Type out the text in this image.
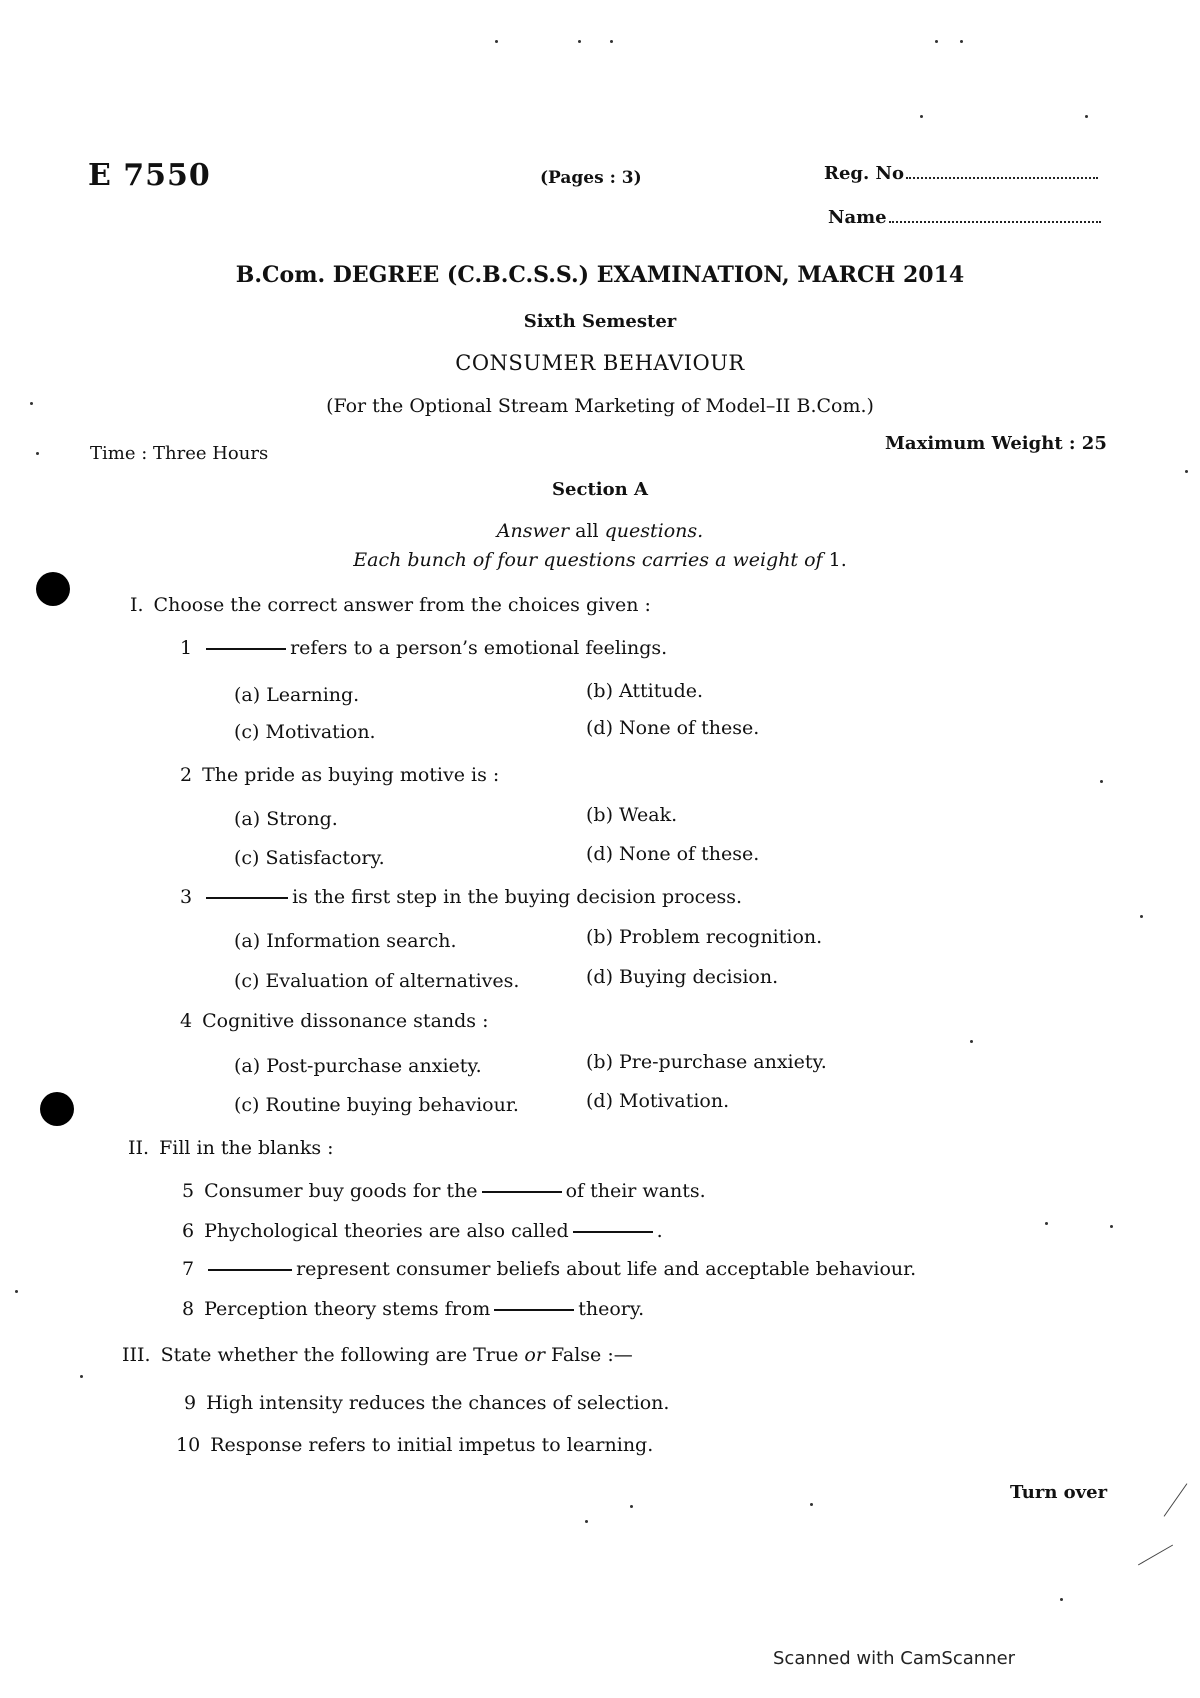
E 7550	(Pages : 3)	Reg. No
Name
B.Com. DEGREE (C.B.C.S.S.) EXAMINATION, MARCH 2014
Sixth Semester
CONSUMER BEHAVIOUR
(For the Optional Stream Marketing of Model–II B.Com.)
Time : Three Hours	Maximum Weight : 25
Section A
Answer all questions.
Each bunch of four questions carries a weight of 1.
I. Choose the correct answer from the choices given :
1	refers to a person’s emotional feelings.
(a) Learning.	(b) Attitude.
(c) Motivation.	(d) None of these.
2 The pride as buying motive is :
(a) Strong.	(b) Weak.
(c) Satisfactory.	(d) None of these.
3	is the first step in the buying decision process.
(a) Information search.	(b) Problem recognition.
(c) Evaluation of alternatives.	(d) Buying decision.
4 Cognitive dissonance stands :
(a) Post-purchase anxiety.	(b) Pre-purchase anxiety.
(c) Routine buying behaviour.	(d) Motivation.
II. Fill in the blanks :
5 Consumer buy goods for the	of their wants.
6 Phychological theories are also called	.
7	represent consumer beliefs about life and acceptable behaviour.
8 Perception theory stems from	theory.
III. State whether the following are True or False :—
9 High intensity reduces the chances of selection.
10 Response refers to initial impetus to learning.
Turn over
Scanned with CamScanner
